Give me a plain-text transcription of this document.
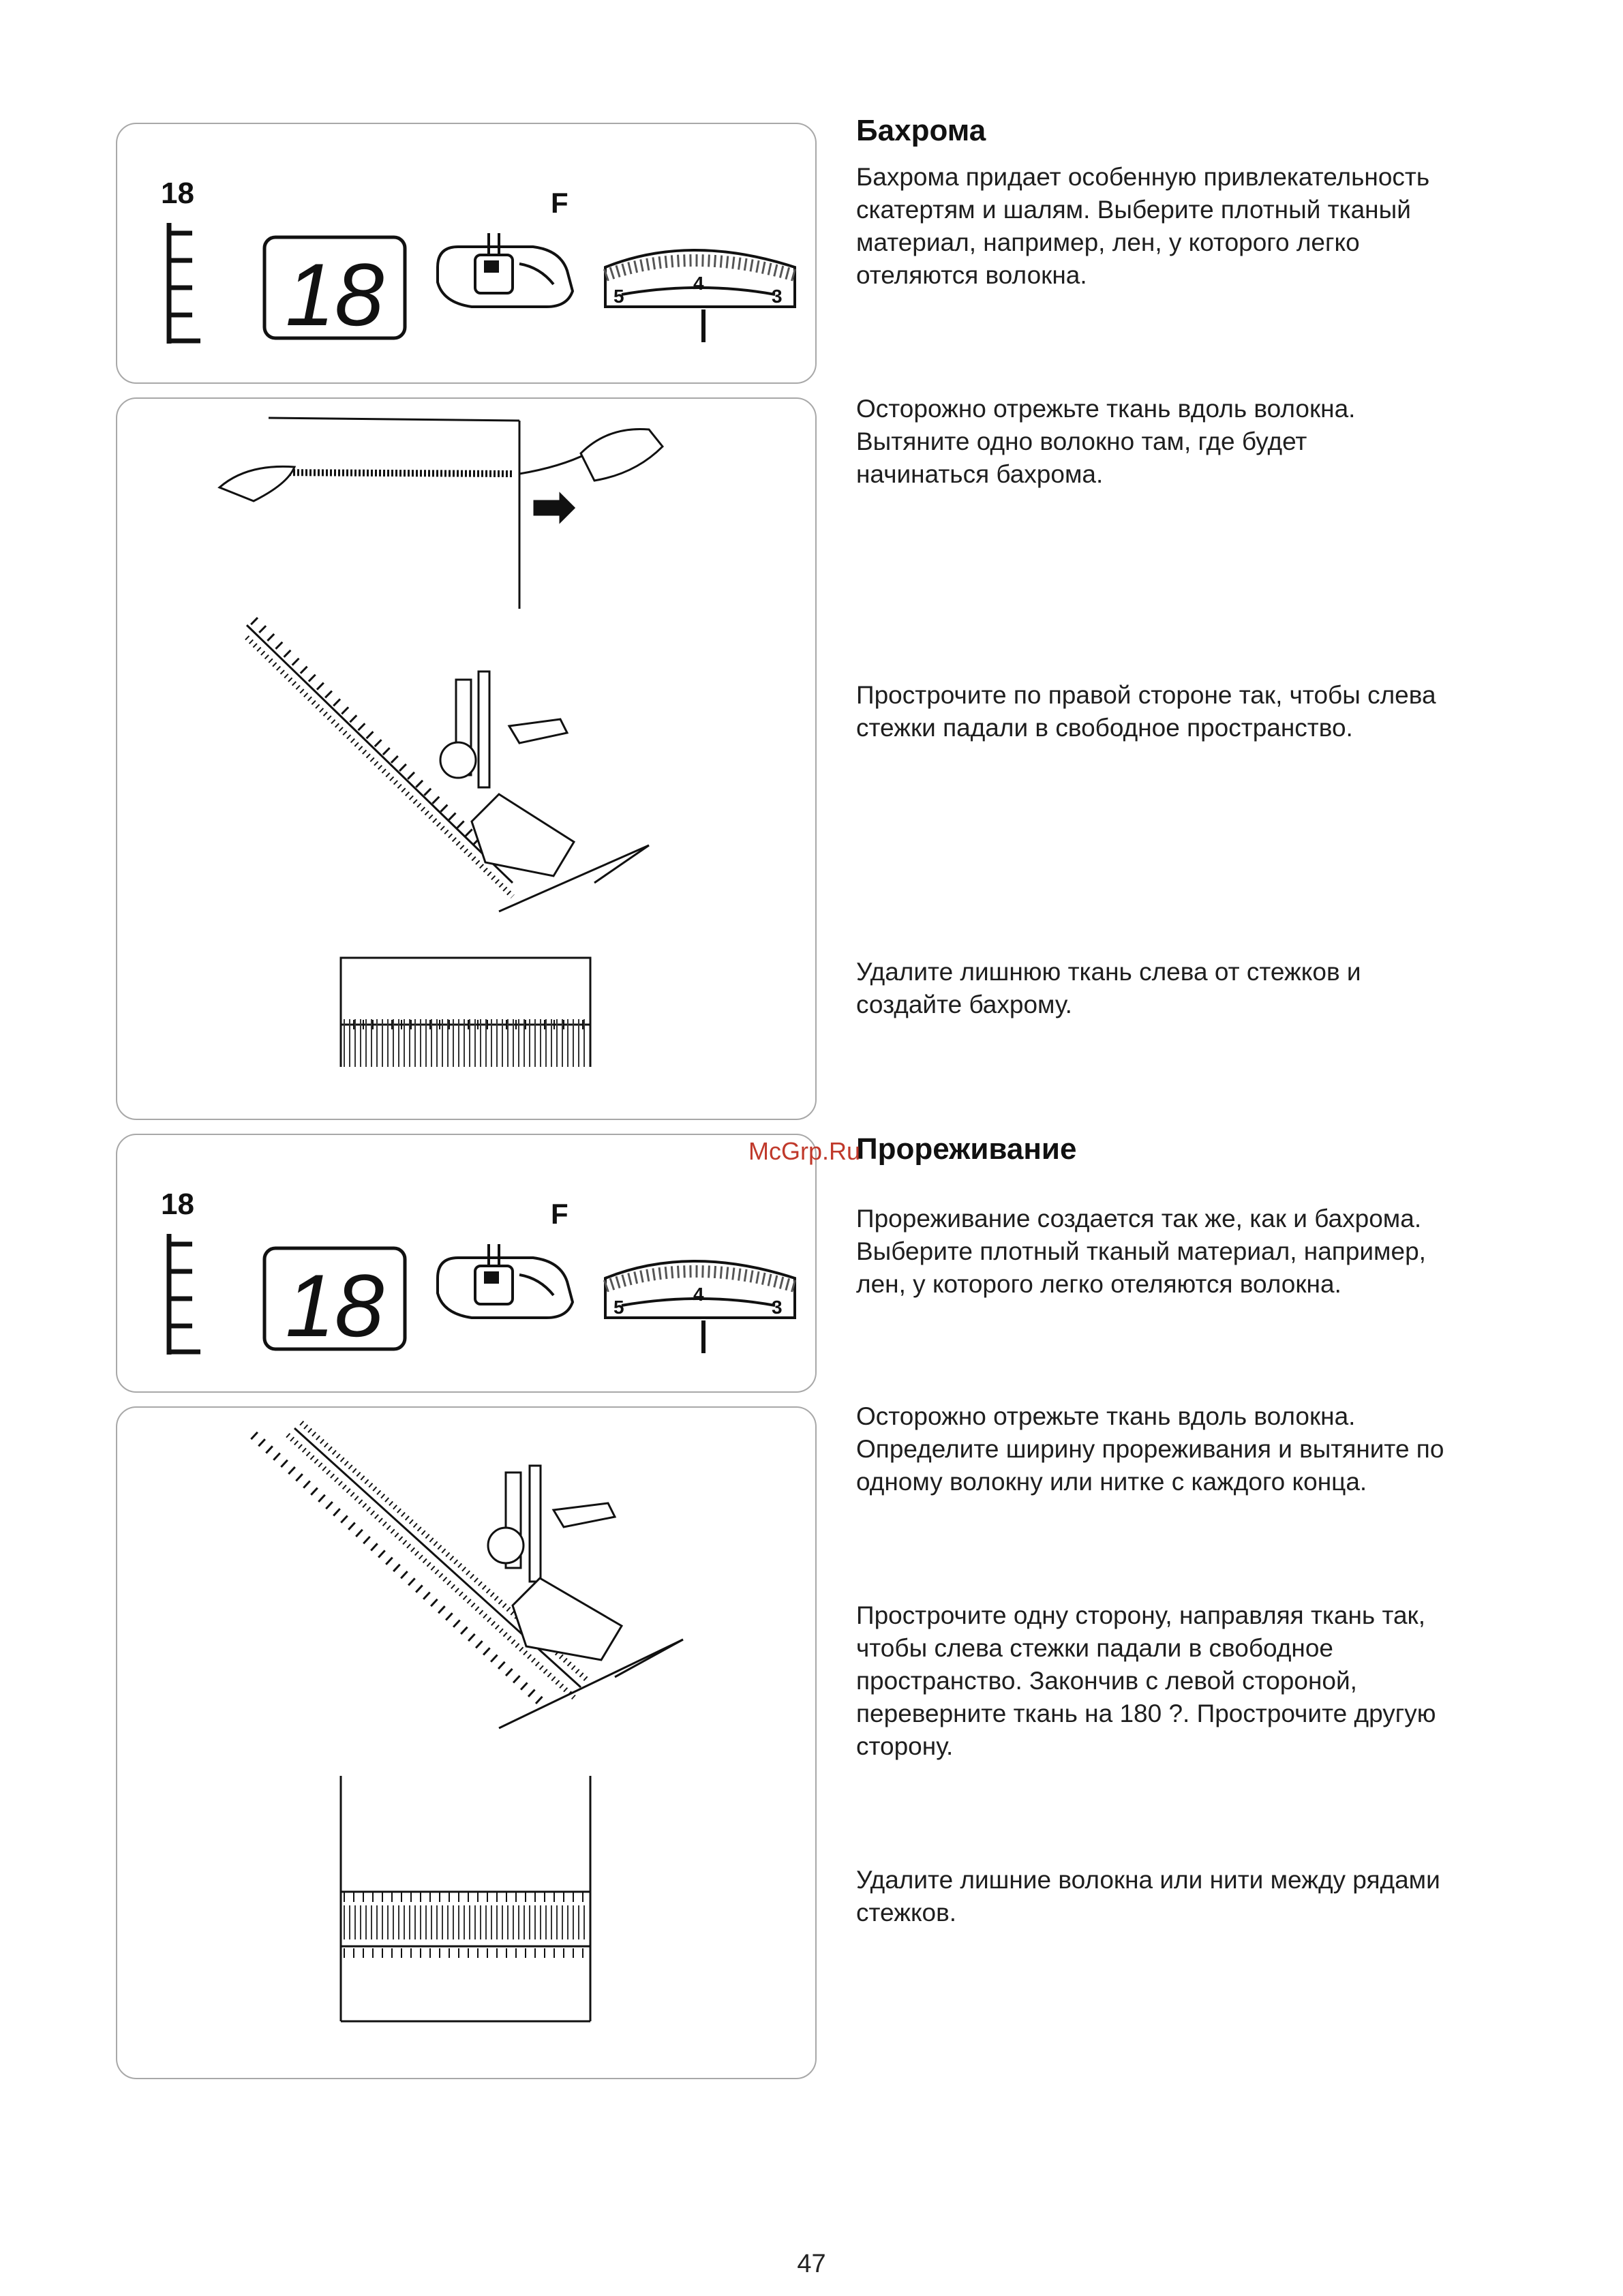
18
18
F
5
4
3
18
18
F
5
4
3
Бахрома

Бахрома придает особенную привлекательность
скатертям и шалям. Выберите плотный тканый
материал, например, лен, у которого легко
отеляются волокна.

Осторожно отрежьте ткань вдоль волокна.
Вытяните одно волокно там, где будет
начинаться бахрома.

Прострочите по правой стороне так, чтобы слева
стежки падали в свободное пространство.

Удалите лишнюю ткань слева от стежков и
создайте бахрому.

Прореживание

Прореживание создается так же, как и бахрома.
Выберите плотный тканый материал, например,
лен, у которого легко отеляются волокна.

Осторожно отрежьте ткань вдоль волокна.
Определите ширину прореживания и вытяните по
одному волокну или нитке с каждого конца.

Прострочите одну сторону, направляя ткань так,
чтобы слева стежки падали в свободное
пространство. Закончив с левой стороной,
переверните ткань на 180 ?. Прострочите другую
сторону.

Удалите лишние волокна или нити между рядами
стежков.

McGrp.Ru
47
